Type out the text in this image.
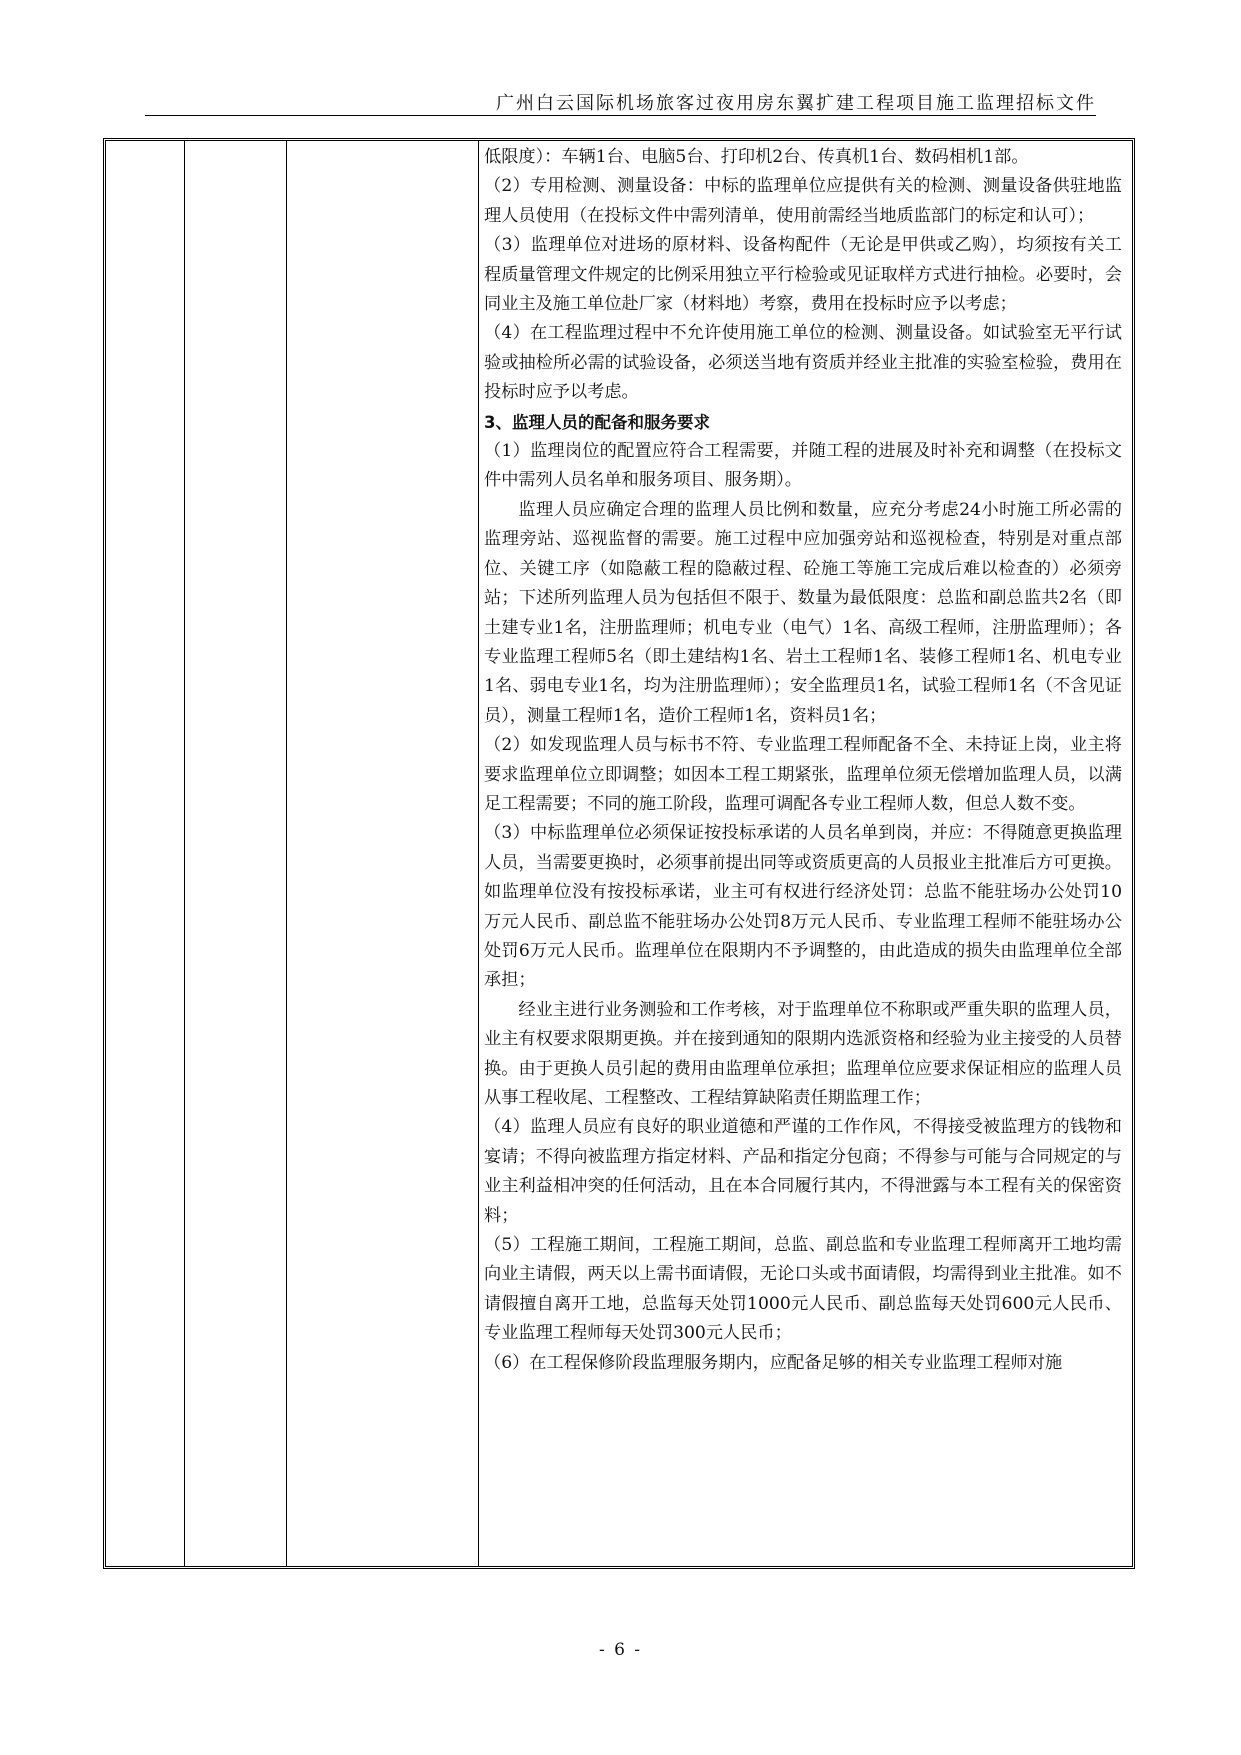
广州白云国际机场旅客过夜用房东翼扩建工程项目施工监理招标文件

低限度）：车辆1台、电脑5台、打印机2台、传真机1台、数码相机1部。

（2）专用检测、测量设备：中标的监理单位应提供有关的检测、测量设备供驻地监理人员使用（在投标文件中需列清单，使用前需经当地质监部门的标定和认可）；

（3）监理单位对进场的原材料、设备构配件（无论是甲供或乙购），均须按有关工程质量管理文件规定的比例采用独立平行检验或见证取样方式进行抽检。必要时，会同业主及施工单位赴厂家（材料地）考察，费用在投标时应予以考虑；

（4）在工程监理过程中不允许使用施工单位的检测、测量设备。如试验室无平行试验或抽检所必需的试验设备，必须送当地有资质并经业主批准的实验室检验，费用在投标时应予以考虑。

3、监理人员的配备和服务要求

（1）监理岗位的配置应符合工程需要，并随工程的进展及时补充和调整（在投标文件中需列人员名单和服务项目、服务期）。

监理人员应确定合理的监理人员比例和数量，应充分考虑24小时施工所必需的监理旁站、巡视监督的需要。施工过程中应加强旁站和巡视检查，特别是对重点部位、关键工序（如隐蔽工程的隐蔽过程、砼施工等施工完成后难以检查的）必须旁站；下述所列监理人员为包括但不限于、数量为最低限度：总监和副总监共2名（即土建专业1名，注册监理师；机电专业（电气）1名、高级工程师，注册监理师）；各专业监理工程师5名（即土建结构1名、岩土工程师1名、装修工程师1名、机电专业1名、弱电专业1名，均为注册监理师）；安全监理员1名，试验工程师1名（不含见证员），测量工程师1名，造价工程师1名，资料员1名；

（2）如发现监理人员与标书不符、专业监理工程师配备不全、未持证上岗，业主将要求监理单位立即调整；如因本工程工期紧张，监理单位须无偿增加监理人员，以满足工程需要；不同的施工阶段，监理可调配各专业工程师人数，但总人数不变。

（3）中标监理单位必须保证按投标承诺的人员名单到岗，并应：不得随意更换监理人员，当需要更换时，必须事前提出同等或资质更高的人员报业主批准后方可更换。如监理单位没有按投标承诺，业主可有权进行经济处罚：总监不能驻场办公处罚10万元人民币、副总监不能驻场办公处罚8万元人民币、专业监理工程师不能驻场办公处罚6万元人民币。监理单位在限期内不予调整的，由此造成的损失由监理单位全部承担；

经业主进行业务测验和工作考核，对于监理单位不称职或严重失职的监理人员，业主有权要求限期更换。并在接到通知的限期内选派资格和经验为业主接受的人员替换。由于更换人员引起的费用由监理单位承担；监理单位应要求保证相应的监理人员从事工程收尾、工程整改、工程结算缺陷责任期监理工作；

（4）监理人员应有良好的职业道德和严谨的工作作风，不得接受被监理方的钱物和宴请；不得向被监理方指定材料、产品和指定分包商；不得参与可能与合同规定的与业主利益相冲突的任何活动，且在本合同履行其内，不得泄露与本工程有关的保密资料；

（5）工程施工期间，工程施工期间，总监、副总监和专业监理工程师离开工地均需向业主请假，两天以上需书面请假，无论口头或书面请假，均需得到业主批准。如不请假擅自离开工地，总监每天处罚1000元人民币、副总监每天处罚600元人民币、专业监理工程师每天处罚300元人民币；

（6）在工程保修阶段监理服务期内，应配备足够的相关专业监理工程师对施

- 6 -
